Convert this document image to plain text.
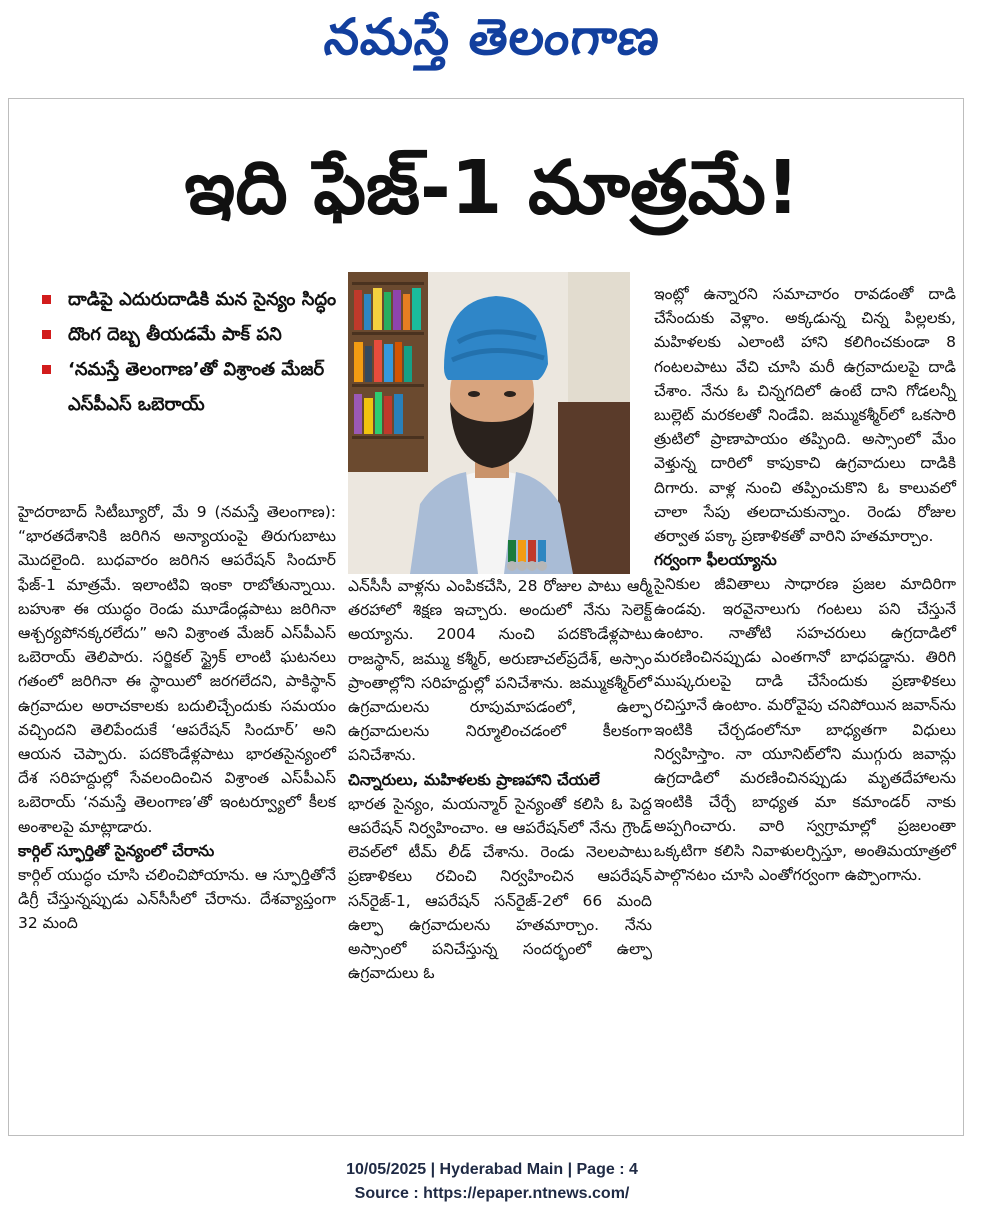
నమస్తే తెలంగాణ
ఇది ఫేజ్-1 మాత్రమే!
దాడిపై ఎదురుదాడికి మన సైన్యం సిద్ధం
దొంగ దెబ్బ తీయడమే పాక్ పని
‘నమస్తే తెలంగాణ’తో విశ్రాంత మేజర్ ఎస్‌పీఎస్ ఒబెరాయ్

హైదరాబాద్ సిటీబ్యూరో, మే 9 (నమస్తే తెలంగాణ): “భారతదేశానికి జరిగిన అన్యాయంపై తిరుగుబాటు మొదలైంది. బుధవారం జరిగిన ఆపరేషన్ సిందూర్ ఫేజ్-1 మాత్రమే. ఇలాంటివి ఇంకా రాబోతున్నాయి. బహుశా ఈ యుద్ధం రెండు మూడేండ్లపాటు జరిగినా ఆశ్చర్యపోనక్కరలేదు” అని విశ్రాంత మేజర్ ఎస్‌పీఎస్ ఒబెరాయ్ తెలిపారు. సర్జికల్ స్ట్రైక్ లాంటి ఘటనలు గతంలో జరిగినా ఈ స్థాయిలో జరగలేదని, పాకిస్థాన్ ఉగ్రవాదుల అరాచకాలకు బదులిచ్చేందుకు సమయం వచ్చిందని తెలిపేందుకే ‘ఆపరేషన్ సిందూర్’ అని ఆయన చెప్పారు. పదకొండేళ్లపాటు భారతసైన్యంలో దేశ సరిహద్దుల్లో సేవలందించిన విశ్రాంత ఎస్‌పీఎస్ ఒబెరాయ్ ‘నమస్తే తెలంగాణ’తో ఇంటర్వ్యూలో కీలక అంశాలపై మాట్లాడారు.

కార్గిల్ స్ఫూర్తితో సైన్యంలో చేరాను

కార్గిల్ యుద్ధం చూసి చలించిపోయాను. ఆ స్ఫూర్తితోనే డిగ్రీ చేస్తున్నప్పుడు ఎన్‌సీసీలో చేరాను. దేశవ్యాప్తంగా 32 మంది

ఎన్‌సీసీ వాళ్లను ఎంపికచేసి, 28 రోజుల పాటు ఆర్మీ తరహాలో శిక్షణ ఇచ్చారు. అందులో నేను సెలెక్ట్ అయ్యాను. 2004 నుంచి పదకొండేళ్లపాటు రాజస్థాన్, జమ్ము కశ్మీర్, అరుణాచల్‌ప్రదేశ్, అస్సాం ప్రాంతాల్లోని సరిహద్దుల్లో పనిచేశాను. జమ్ముకశ్మీర్‌లో ఉగ్రవాదులను రూపుమాపడంలో, ఉల్ఫా ఉగ్రవాదులను నిర్మూలించడంలో కీలకంగా పనిచేశాను.

చిన్నారులు, మహిళలకు ప్రాణహాని చేయలే

భారత సైన్యం, మయన్మార్ సైన్యంతో కలిసి ఓ పెద్ద ఆపరేషన్ నిర్వహించాం. ఆ ఆపరేషన్‌లో నేను గ్రౌండ్ లెవల్‌లో టీమ్ లీడ్ చేశాను. రెండు నెలలపాటు ప్రణాళికలు రచించి నిర్వహించిన ఆపరేషన్ సన్‌రైజ్-1, ఆపరేషన్ సన్‌రైజ్-2లో 66 మంది ఉల్ఫా ఉగ్రవాదులను హతమార్చాం. నేను అస్సాంలో పనిచేస్తున్న సందర్భంలో ఉల్ఫా ఉగ్రవాదులు ఓ

ఇంట్లో ఉన్నారని సమాచారం రావడంతో దాడి చేసేందుకు వెళ్లాం. అక్కడున్న చిన్న పిల్లలకు, మహిళలకు ఎలాంటి హాని కలిగించకుండా 8 గంటలపాటు వేచి చూసి మరీ ఉగ్రవాదులపై దాడి చేశాం. నేను ఓ చిన్నగదిలో ఉంటే దాని గోడలన్నీ బుల్లెట్ మరకలతో నిండేవి. జమ్ముకశ్మీర్‌లో ఒకసారి త్రుటిలో ప్రాణాపాయం తప్పింది. అస్సాంలో మేం వెళ్తున్న దారిలో కాపుకాచి ఉగ్రవాదులు దాడికి దిగారు. వాళ్ల నుంచి తప్పించుకొని ఓ కాలువలో చాలా సేపు తలదాచుకున్నాం. రెండు రోజుల తర్వాత పక్కా ప్రణాళికతో వారిని హతమార్చాం.

గర్వంగా ఫీలయ్యాను

సైనికుల జీవితాలు సాధారణ ప్రజల మాదిరిగా ఉండవు. ఇరవైనాలుగు గంటలు పని చేస్తునే ఉంటాం. నాతోటి సహచరులు ఉగ్రదాడిలో మరణించినప్పుడు ఎంతగానో బాధపడ్డాను. తిరిగి ముష్కరులపై దాడి చేసేందుకు ప్రణాళికలు రచిస్తూనే ఉంటాం. మరోవైపు చనిపోయిన జవాన్‌ను ఇంటికి చేర్చడంలోనూ బాధ్యతగా విధులు నిర్వహిస్తాం. నా యూనిట్‌లోని ముగ్గురు జవాన్లు ఉగ్రదాడిలో మరణించినప్పుడు మృతదేహాలను ఇంటికి చేర్చే బాధ్యత మా కమాండర్ నాకు అప్పగించారు. వారి స్వగ్రామాల్లో ప్రజలంతా ఒక్కటిగా కలిసి నివాళులర్పిస్తూ, అంతిమయాత్రలో పాల్గొనటం చూసి ఎంతోగర్వంగా ఉప్పొంగాను.

10/05/2025 | Hyderabad Main | Page : 4
Source : https://epaper.ntnews.com/
